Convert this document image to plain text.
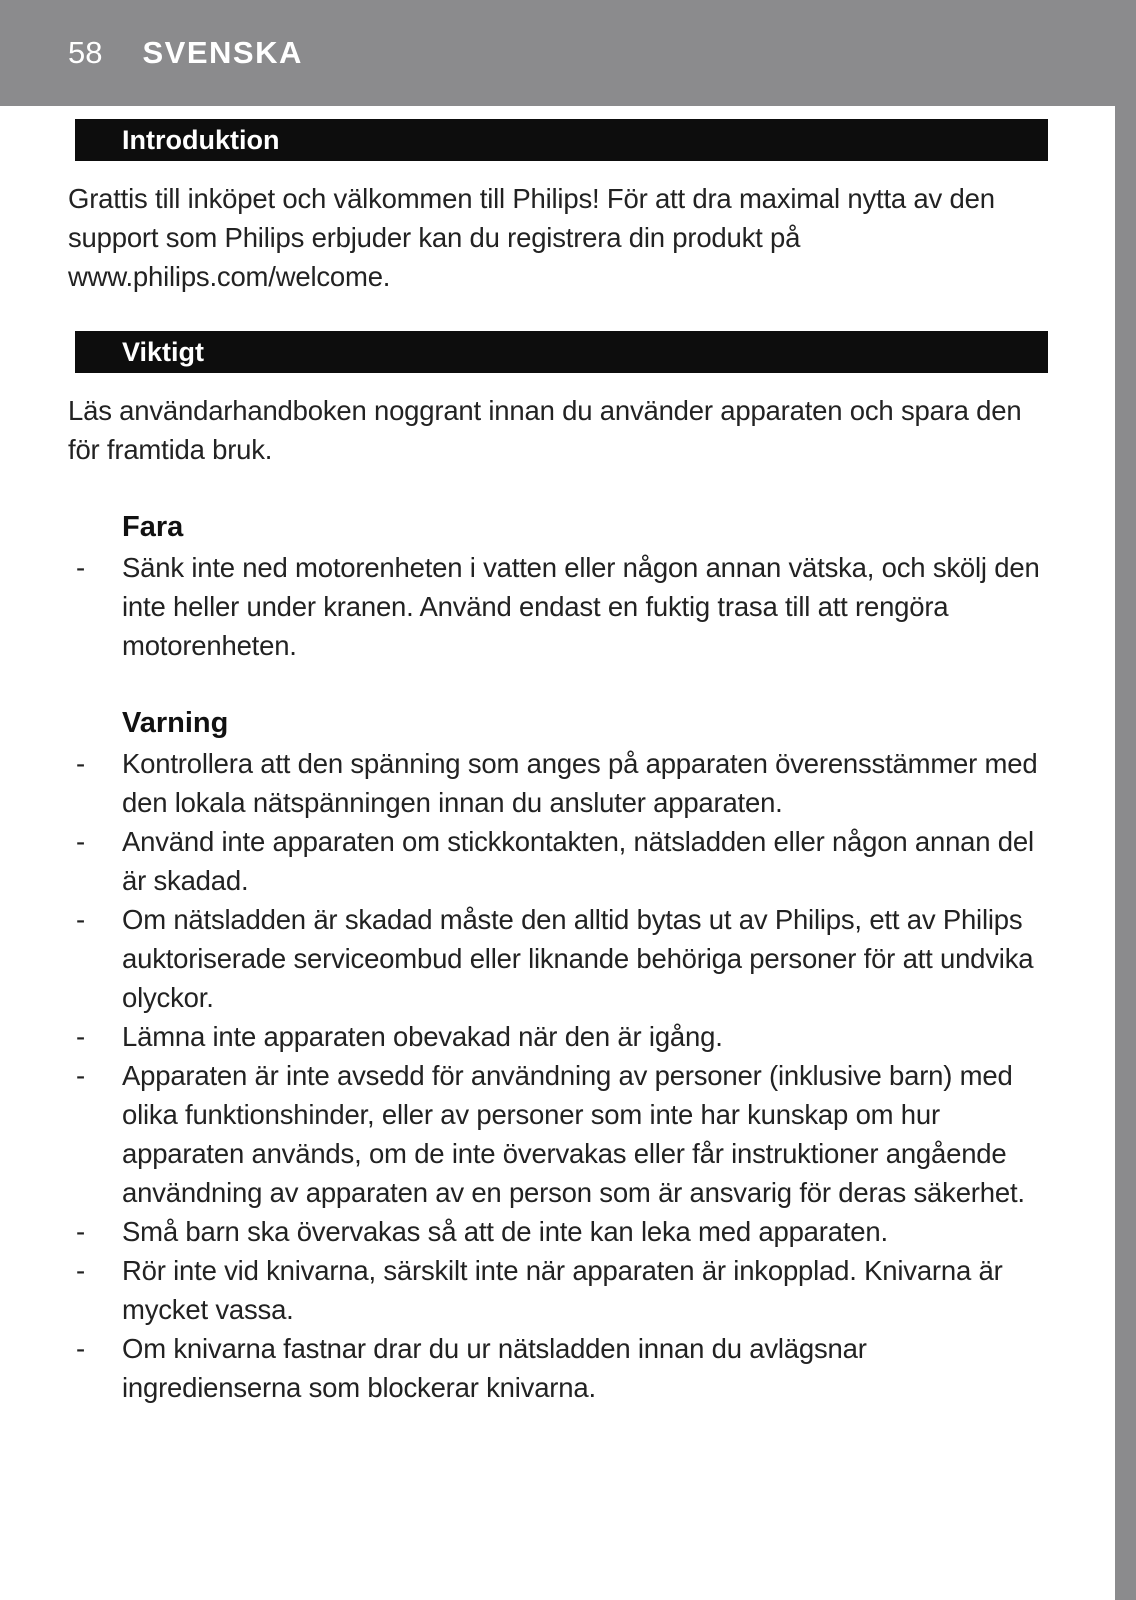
58 SVENSKA
Introduktion

Grattis till inköpet och välkommen till Philips! För att dra maximal nytta av den support som Philips erbjuder kan du registrera din produkt på www.philips.com/welcome.

Viktigt

Läs användarhandboken noggrant innan du använder apparaten och spara den för framtida bruk.

Fara
- Sänk inte ned motorenheten i vatten eller någon annan vätska, och skölj den inte heller under kranen. Använd endast en fuktig trasa till att rengöra motorenheten.
Varning
- Kontrollera att den spänning som anges på apparaten överensstämmer med den lokala nätspänningen innan du ansluter apparaten.
- Använd inte apparaten om stickkontakten, nätsladden eller någon annan del är skadad.
- Om nätsladden är skadad måste den alltid bytas ut av Philips, ett av Philips auktoriserade serviceombud eller liknande behöriga personer för att undvika olyckor.
- Lämna inte apparaten obevakad när den är igång.
- Apparaten är inte avsedd för användning av personer (inklusive barn) med olika funktionshinder, eller av personer som inte har kunskap om hur apparaten används, om de inte övervakas eller får instruktioner angående användning av apparaten av en person som är ansvarig för deras säkerhet.
- Små barn ska övervakas så att de inte kan leka med apparaten.
- Rör inte vid knivarna, särskilt inte när apparaten är inkopplad. Knivarna är mycket vassa.
- Om knivarna fastnar drar du ur nätsladden innan du avlägsnar ingredienserna som blockerar knivarna.
